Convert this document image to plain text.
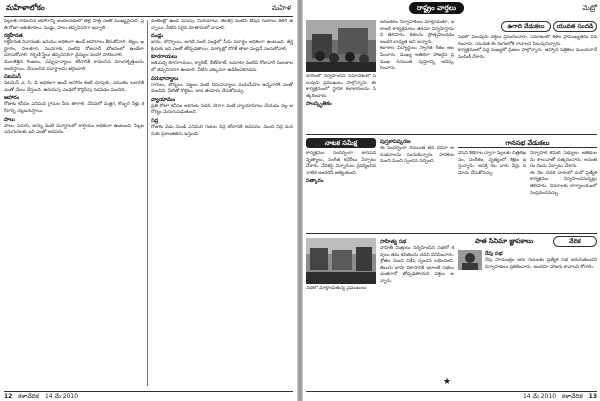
మహిళాలోకం	మహిళ

పిల్లలకు కావలసిన ఆహారాన్ని అందించడంలో తల్లి పాత్ర ఎంతో ముఖ్యమైనది. ప్రతి రోజూ ఆకుకూరలు, పండ్లు, పాలు తప్పనిసరిగా ఇవ్వాలి.

రక్తహీనత

రక్తహీనత నివారణకు ఇనుము అధికంగా ఉండే ఆహారాలు తీసుకోవాలి. బెల్లం, ఖర్జూరం, పాలకూర, మునగాకు వంటివి రోజువారీ భోజనంలో ఉండేలా చూసుకోవాలి. గర్భిణీ స్త్రీలు తప్పనిసరిగా వైద్యుల సలహా పాటించాలి.

మొలకెత్తిన గింజలు, పప్పుధాన్యాలు శరీరానికి కావలసిన మాంసకృత్తులను అందిస్తాయి. వేయించిన పదార్థాలను తగ్గించాలి.

విటమిన్

విటమిన్ ఎ, సి, డి అధికంగా ఉండే ఆహారం కంటి చూపుకు, ఎముకల బలానికి ఎంతో మేలు చేస్తుంది. ఉదయపు ఎండలో కొద్దిసేపు నడవడం మంచిది.

ఆహారం

రోజుకు కనీసం ఎనిమిది గ్లాసుల నీరు తాగాలి. వేసవిలో మజ్జిగ, కొబ్బరి నీళ్లు శరీరాన్ని చల్లబరుస్తాయి.

పాలు

పాలు, పెరుగు, జున్ను వంటి పదార్థాలలో కాల్షియం అధికంగా ఉంటుంది. పిల్లల ఎదుగుదలకు ఇవి ఎంతో అవసరం.

వంటింట్లో ఉండే పసుపు, మిరియాలు, జీలకర్ర వంటివి ఔషధ గుణాలు కలిగి ఉన్నాయి. వీటిని సరైన మోతాదులో వాడాలి.

పండ్లు

జామ, బొప్పాయి, అరటి వంటి పండ్లలో పీచు పదార్థం అధికంగా ఉంటుంది. జీర్ణక్రియకు ఇవి ఎంతో తోడ్పడతాయి. మార్కెట్లో దొరికే తాజా పండ్లనే ఎంచుకోవాలి.

కూరగాయలు

ఆకుపచ్చ కూరగాయలు, క్యారెట్, బీట్‌రూట్, టమాటా వంటివి రోజువారీ వంటకాలలో తప్పనిసరిగా ఉండాలి. వీటిని ఎక్కువగా ఉడికించకూడదు.

చిరుధాన్యాలు

రాగులు, జొన్నలు, సజ్జలు వంటి చిరుధాన్యాలు మధుమేహం ఉన్నవారికి ఎంతో మంచివి. వీటితో రొట్టెలు, జావ తయారు చేసుకోవచ్చు.

వ్యాయామం

ప్రతి రోజూ కనీసం అరగంట నడక, యోగా వంటి వ్యాయామాలు చేయడం వల్ల ఆరోగ్యం మెరుగుపడుతుంది.

నిద్ర

రోజుకు ఏడు నుండి ఎనిమిది గంటల నిద్ర శరీరానికి అవసరం. మంచి నిద్ర మనసుకు ప్రశాంతతను ఇస్తుంది.

12 కళావేదిక 14 మే 2010
రాష్ట్రం వార్తలు	మెట్రో

నగరంలో నిర్వహించిన సమావేశంలో పలువురు ప్రముఖులు పాల్గొన్నారు. ఈ కార్యక్రమంలో స్థానిక కళాకారులను సత్కరించారు.

సాంస్కృతికం

అనంతరం నిర్వాహకులు మాట్లాడుతూ, ఇలాంటి కార్యక్రమాలు తరచూ నిర్వహిస్తామని తెలిపారు. కళలను ప్రోత్సహించడం అందరి బాధ్యత అని అన్నారు.

కళాశాల విద్యార్థులు స్వాగత గీతం ఆలపించారు. ముఖ్య అతిథిగా హాజరైన ప్రముఖ రచయిత పుస్తకాన్ని ఆవిష్కరించారు.

ఉగాది వేడుకలు	యువత సందడి

సభలో పలువురు వక్తలు ప్రసంగించారు. సమాజంలో కళల ప్రాముఖ్యతను వివరించారు. యువత ఈ రంగంలోకి రావాలని పిలుపునిచ్చారు.

కార్యక్రమంలో పెద్ద సంఖ్యలో ప్రజలు పాల్గొన్నారు. ఆహ్వాన పత్రికలు ముందుగానే పంపిణీ చేశారు.

నాటక సమీక్ష

కార్యక్రమం సందర్భంగా జానపద నృత్యాలు, సంగీత కచేరీలు ఏర్పాటు చేశారు. వేదికపై చిన్నారులు ప్రదర్శించిన నాటిక అందరినీ ఆకట్టుకుంది.

సత్కారం

పుస్తకావిష్కరణ

ఈ సందర్భంగా రచయిత తన రచనా అనుభవాలను పంచుకున్నారు. పాఠకుల నుంచి మంచి స్పందన వచ్చింది.

గానసభ వేడుకలు

వేసవి శిబిరాల ద్వారా పిల్లలకు చిత్రలేఖనం, సంగీతం, నృత్యంలో శిక్షణ ఇస్తున్నారు. ఆసక్తి గల వారు పేర్లు నమోదు చేసుకోవచ్చు.

నిర్వాహక కమిటీ సభ్యులు అతిథులను శాలువాతో సత్కరించారు. అనంతరం విందు ఏర్పాటు చేశారు.

ఈ నెల చివరి వారంలో మరో ప్రత్యేక కార్యక్రమం నిర్వహించనున్నట్లు తెలిపారు. వివరాలకు కార్యాలయంలో సంప్రదించవచ్చు.

సభలో మాట్లాడుతున్న ప్రముఖులు

సాహిత్య సభ

సాహితీ మిత్రులు నిర్వహించిన సభలో కవులు తమ కవితలను చదివి వినిపించారు. శ్రోతల నుంచి విశేష స్పందన లభించింది. తెలుగు భాషా వికాసానికి ఇలాంటి సభలు ఎంతగానో తోడ్పడతాయని వక్తలు అన్నారు.

వేదిక
పాత సినిమా జ్ఞాపకాలు

రేపు సభ

రేపు సాయంత్రం ఆరు గంటలకు ప్రత్యేక సభ జరుగుతుందని నిర్వాహకులు ప్రకటించారు. అందరూ హాజరు కావాలని కోరారు.

★
14 మే 2010 కళావేదిక 13
